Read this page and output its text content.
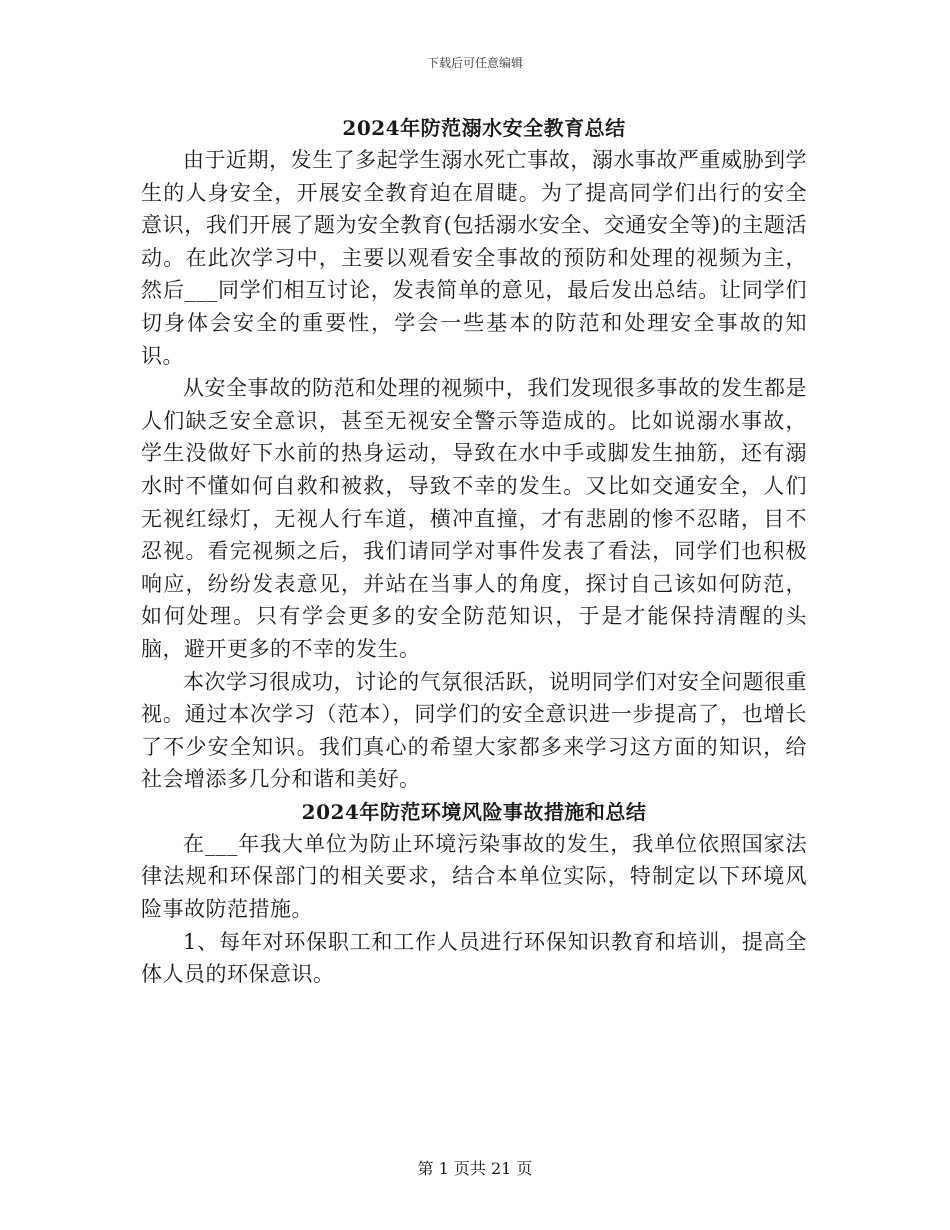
下载后可任意编辑
2024年防范溺水安全教育总结

由于近期，发生了多起学生溺水死亡事故，溺水事故严重威胁到学生的人身安全，开展安全教育迫在眉睫。为了提高同学们出行的安全意识，我们开展了题为安全教育(包括溺水安全、交通安全等)的主题活动。在此次学习中，主要以观看安全事故的预防和处理的视频为主，然后___同学们相互讨论，发表简单的意见，最后发出总结。让同学们切身体会安全的重要性，学会一些基本的防范和处理安全事故的知识。

从安全事故的防范和处理的视频中，我们发现很多事故的发生都是人们缺乏安全意识，甚至无视安全警示等造成的。比如说溺水事故，学生没做好下水前的热身运动，导致在水中手或脚发生抽筋，还有溺水时不懂如何自救和被救，导致不幸的发生。又比如交通安全，人们无视红绿灯，无视人行车道，横冲直撞，才有悲剧的惨不忍睹，目不忍视。看完视频之后，我们请同学对事件发表了看法，同学们也积极响应，纷纷发表意见，并站在当事人的角度，探讨自己该如何防范，如何处理。只有学会更多的安全防范知识，于是才能保持清醒的头脑，避开更多的不幸的发生。

本次学习很成功，讨论的气氛很活跃，说明同学们对安全问题很重视。通过本次学习（范本），同学们的安全意识进一步提高了，也增长了不少安全知识。我们真心的希望大家都多来学习这方面的知识，给社会增添多几分和谐和美好。

2024年防范环境风险事故措施和总结

在___年我大单位为防止环境污染事故的发生，我单位依照国家法律法规和环保部门的相关要求，结合本单位实际，特制定以下环境风险事故防范措施。

1、每年对环保职工和工作人员进行环保知识教育和培训，提高全体人员的环保意识。

第 1 页共 21 页
